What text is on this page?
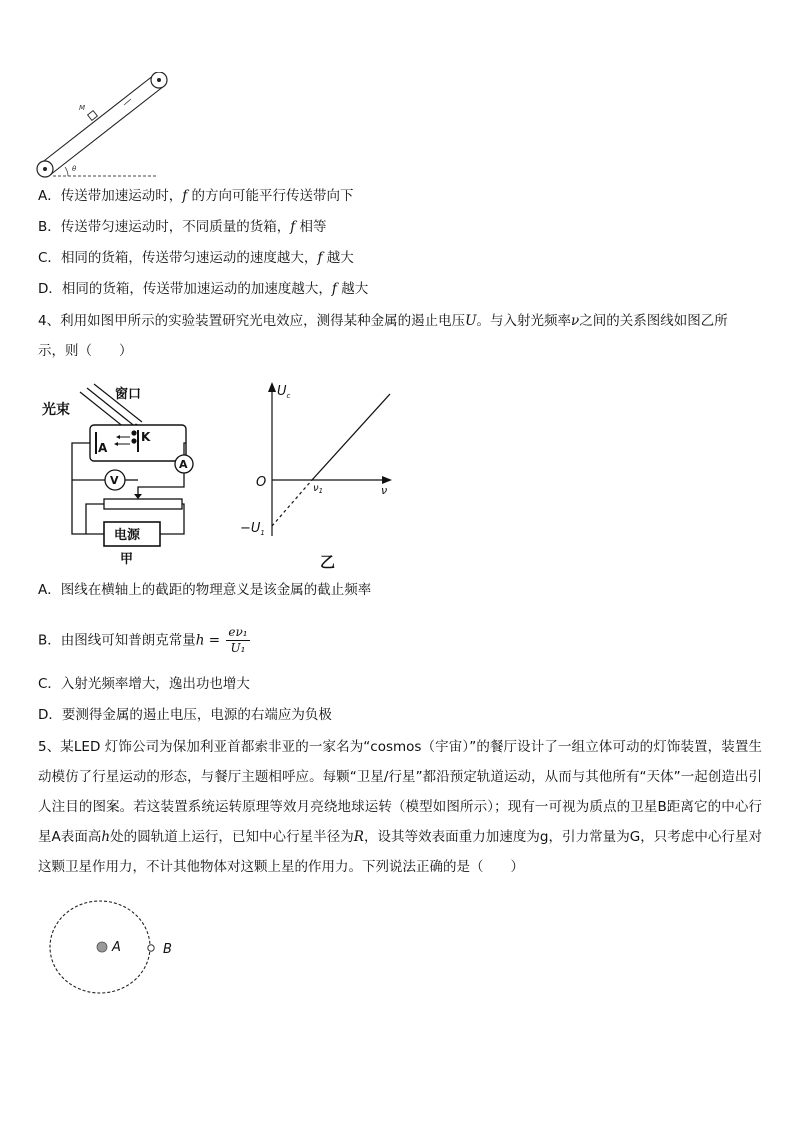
M
θ
A．传送带加速运动时，f 的方向可能平行传送带向下
B．传送带匀速运动时，不同质量的货箱，f 相等
C．相同的货箱，传送带匀速运动的速度越大，f 越大
D．相同的货箱，传送带加速运动的加速度越大，f 越大
4、利用如图甲所示的实验装置研究光电效应，测得某种金属的遏止电压U。与入射光频率ν之间的关系图线如图乙所
示，则（　　）
光束
窗口
A
K
A
V
电源
甲
$U_c$
O	$\nu_1$	ν
$-U_1$
乙
A．图线在横轴上的截距的物理意义是该金属的截止频率
B．由图线可知普朗克常量$h = \frac{\text{eν₁}}{\text{U₁}}$
C．入射光频率增大，逸出功也增大
D．要测得金属的遏止电压，电源的右端应为负极
5、某LED 灯饰公司为保加利亚首都索非亚的一家名为“cosmos（宇宙）”的餐厅设计了一组立体可动的灯饰装置，装置生动模仿了行星运动的形态，与餐厅主题相呼应。每颗“卫星/行星”都沿预定轨道运动，从而与其他所有“天体”一起创造出引人注目的图案。若这装置系统运转原理等效月亮绕地球运转（模型如图所示）；现有一可视为质点的卫星B距离它的中心行星A表面高h处的圆轨道上运行，已知中心行星半径为R，设其等效表面重力加速度为g，引力常量为G，只考虑中心行星对这颗卫星作用力，不计其他物体对这颗上星的作用力。下列说法正确的是（　　）
A	B
